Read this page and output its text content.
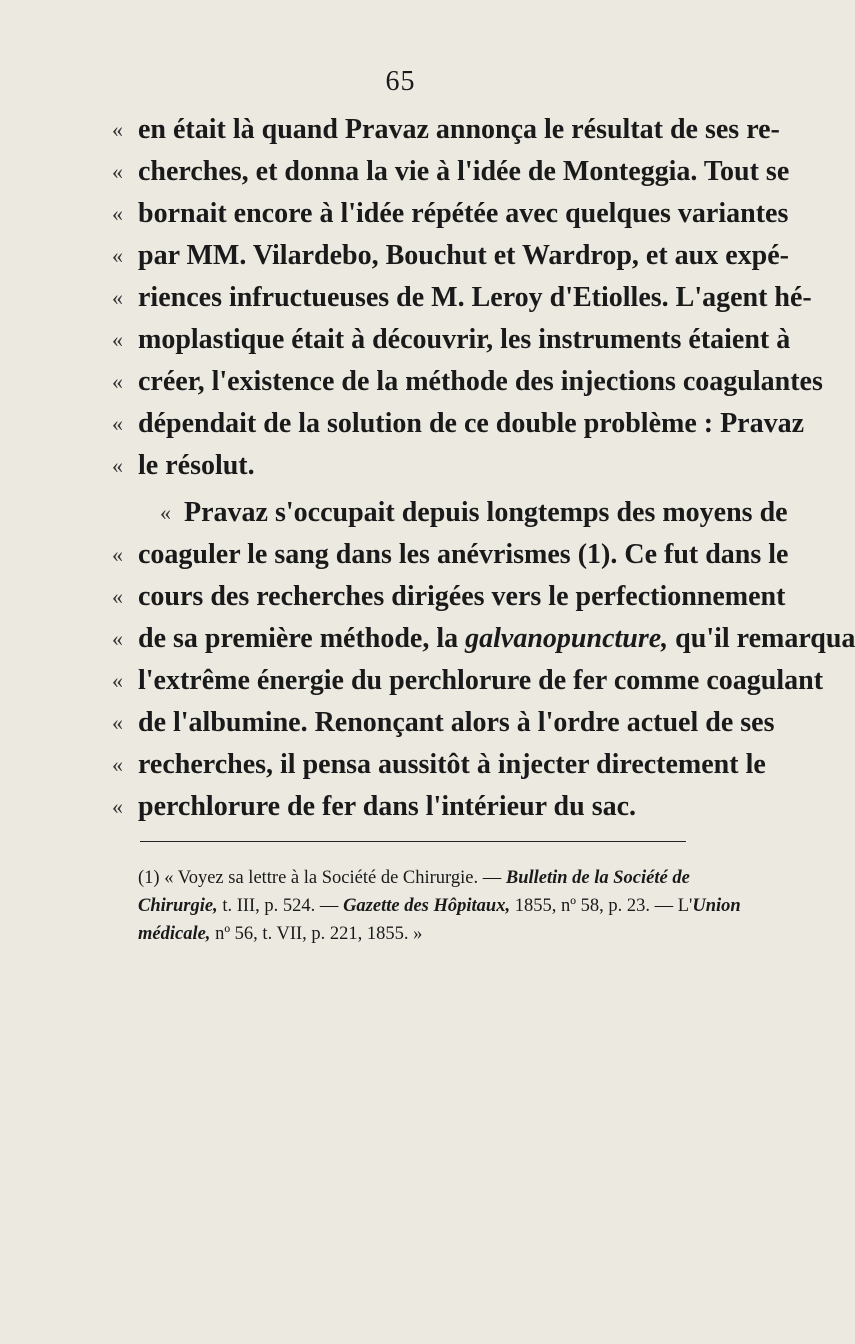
65
« en était là quand Pravaz annonça le résultat de ses re-
« cherches, et donna la vie à l'idée de Monteggia. Tout se
« bornait encore à l'idée répétée avec quelques variantes
« par MM. Vilardebo, Bouchut et Wardrop, et aux expé-
« riences infructueuses de M. Leroy d'Etiolles. L'agent hé-
« moplastique était à découvrir, les instruments étaient à
« créer, l'existence de la méthode des injections coagulantes
« dépendait de la solution de ce double problème : Pravaz
« le résolut.
« Pravaz s'occupait depuis longtemps des moyens de
« coaguler le sang dans les anévrismes (1). Ce fut dans le
« cours des recherches dirigées vers le perfectionnement
« de sa première méthode, la galvanopuncture, qu'il remarqua
« l'extrême énergie du perchlorure de fer comme coagulant
« de l'albumine. Renonçant alors à l'ordre actuel de ses
« recherches, il pensa aussitôt à injecter directement le
« perchlorure de fer dans l'intérieur du sac.
(1) « Voyez sa lettre à la Société de Chirurgie. — Bulletin de la Société de
Chirurgie, t. III, p. 524. — Gazette des Hôpitaux, 1855, nº 58, p. 23. — L'Union
médicale, nº 56, t. VII, p. 221, 1855. »
